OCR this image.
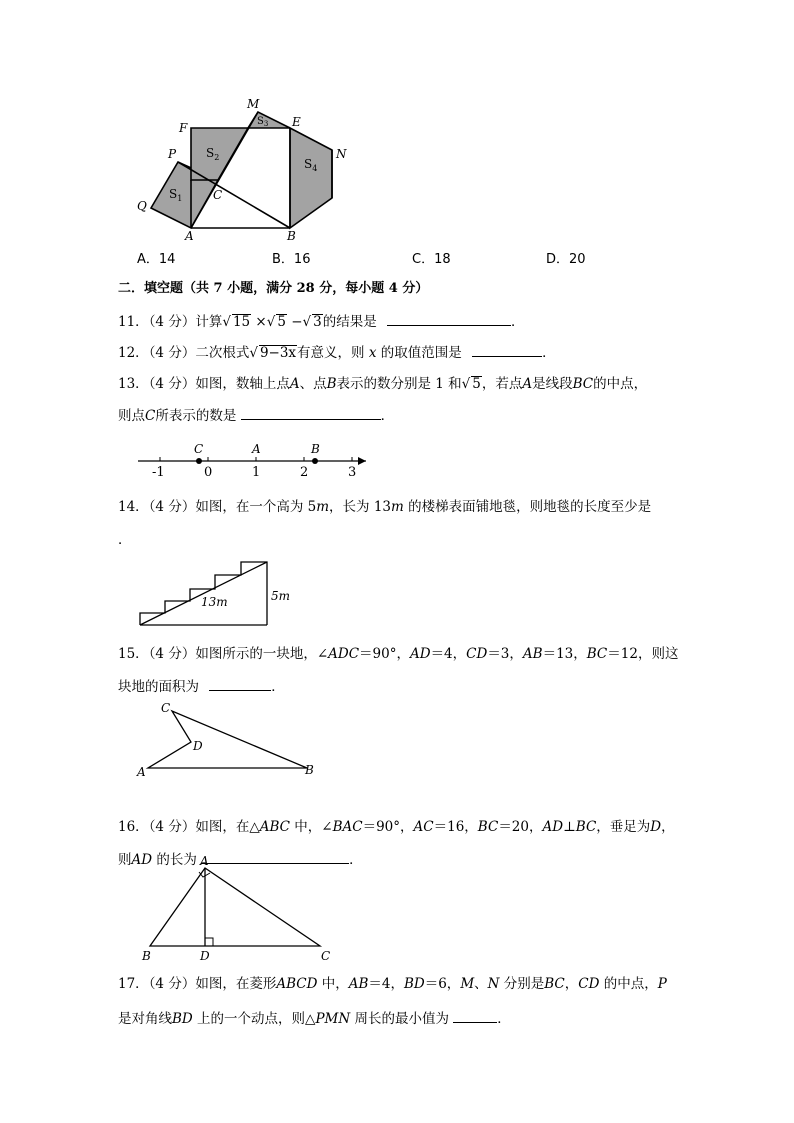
M
F	E
N
P
Q
C
A	B
$S_1$
$S_2$
$S_3$
$S_4$
A．14	B．16	C．18	D．20
二．填空题（共 7 小题，满分 28 分，每小题 4 分）
11．（4 分）计算√ 15 ×√ 5 −√ 3的结果是	．
12．（4 分）二次根式√ 9−3x有意义，则 x 的取值范围是	．
13．（4 分）如图，数轴上点A、点B表示的数分别是 1 和√ 5，若点A是线段BC的中点，
则点C所表示的数是	．
-1	0	1	2	3
C	A	B
14．（4 分）如图，在一个高为 5m，长为 13m 的楼梯表面铺地毯，则地毯的长度至少是
．
13m	5m
15．（4 分）如图所示的一块地，∠ADC＝90°，AD＝4，CD＝3，AB＝13，BC＝12，则这
块地的面积为	．
C
D
A	B
16．（4 分）如图，在△ABC 中，∠BAC＝90°，AC＝16，BC＝20，AD⊥BC，垂足为D，
则AD 的长为	．
A
B	D	C
17．（4 分）如图，在菱形ABCD 中，AB＝4，BD＝6，M、N 分别是BC，CD 的中点，P
是对角线BD 上的一个动点，则△PMN 周长的最小值为	．
